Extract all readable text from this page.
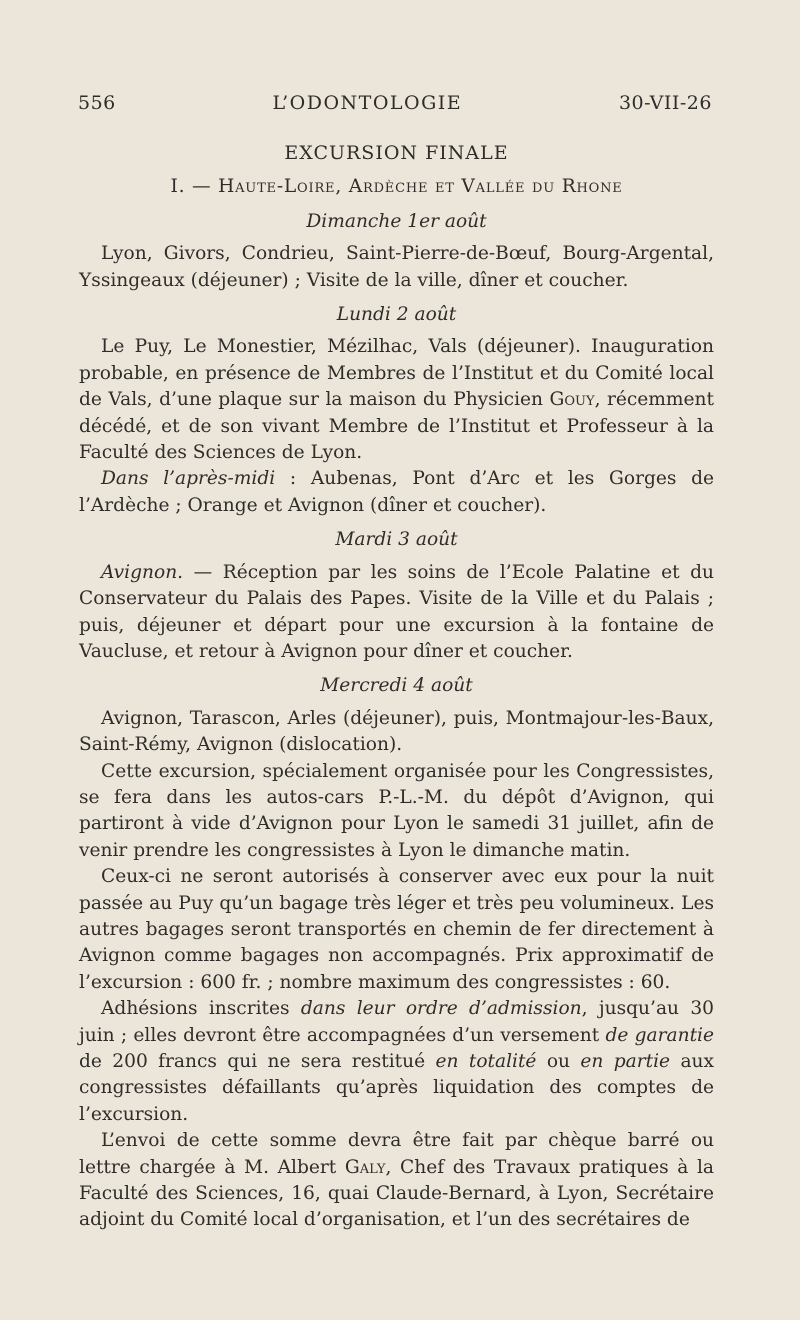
556	L’ODONTOLOGIE	30-VII-26
EXCURSION FINALE
I. — Haute-Loire, Ardèche et Vallée du Rhone
Dimanche 1er août

Lyon, Givors, Condrieu, Saint-Pierre-de-Bœuf, Bourg-Argental, Yssingeaux (déjeuner) ; Visite de la ville, dîner et coucher.

Lundi 2 août

Le Puy, Le Monestier, Mézilhac, Vals (déjeuner). Inauguration probable, en présence de Membres de l’Institut et du Comité local de Vals, d’une plaque sur la maison du Physicien Gouy, récemment décédé, et de son vivant Membre de l’Institut et Professeur à la Faculté des Sciences de Lyon.

Dans l’après-midi : Aubenas, Pont d’Arc et les Gorges de l’Ardèche ; Orange et Avignon (dîner et coucher).

Mardi 3 août

Avignon. — Réception par les soins de l’Ecole Palatine et du Conservateur du Palais des Papes. Visite de la Ville et du Palais ; puis, déjeuner et départ pour une excursion à la fontaine de Vaucluse, et retour à Avignon pour dîner et coucher.

Mercredi 4 août

Avignon, Tarascon, Arles (déjeuner), puis, Montmajour-les-Baux, Saint-Rémy, Avignon (dislocation).

Cette excursion, spécialement organisée pour les Congressistes, se fera dans les autos-cars P.-L.-M. du dépôt d’Avignon, qui partiront à vide d’Avignon pour Lyon le samedi 31 juillet, afin de venir prendre les congressistes à Lyon le dimanche matin.

Ceux-ci ne seront autorisés à conserver avec eux pour la nuit passée au Puy qu’un bagage très léger et très peu volumineux. Les autres bagages seront transportés en chemin de fer directement à Avignon comme bagages non accompagnés. Prix approximatif de l’excursion : 600 fr. ; nombre maximum des congressistes : 60.

Adhésions inscrites dans leur ordre d’admission, jusqu’au 30 juin ; elles devront être accompagnées d’un versement de garantie de 200 francs qui ne sera restitué en totalité ou en partie aux congressistes défaillants qu’après liquidation des comptes de l’excursion.

L’envoi de cette somme devra être fait par chèque barré ou lettre chargée à M. Albert Galy, Chef des Travaux pratiques à la Faculté des Sciences, 16, quai Claude-Bernard, à Lyon, Secrétaire adjoint du Comité local d’organisation, et l’un des secrétaires de
